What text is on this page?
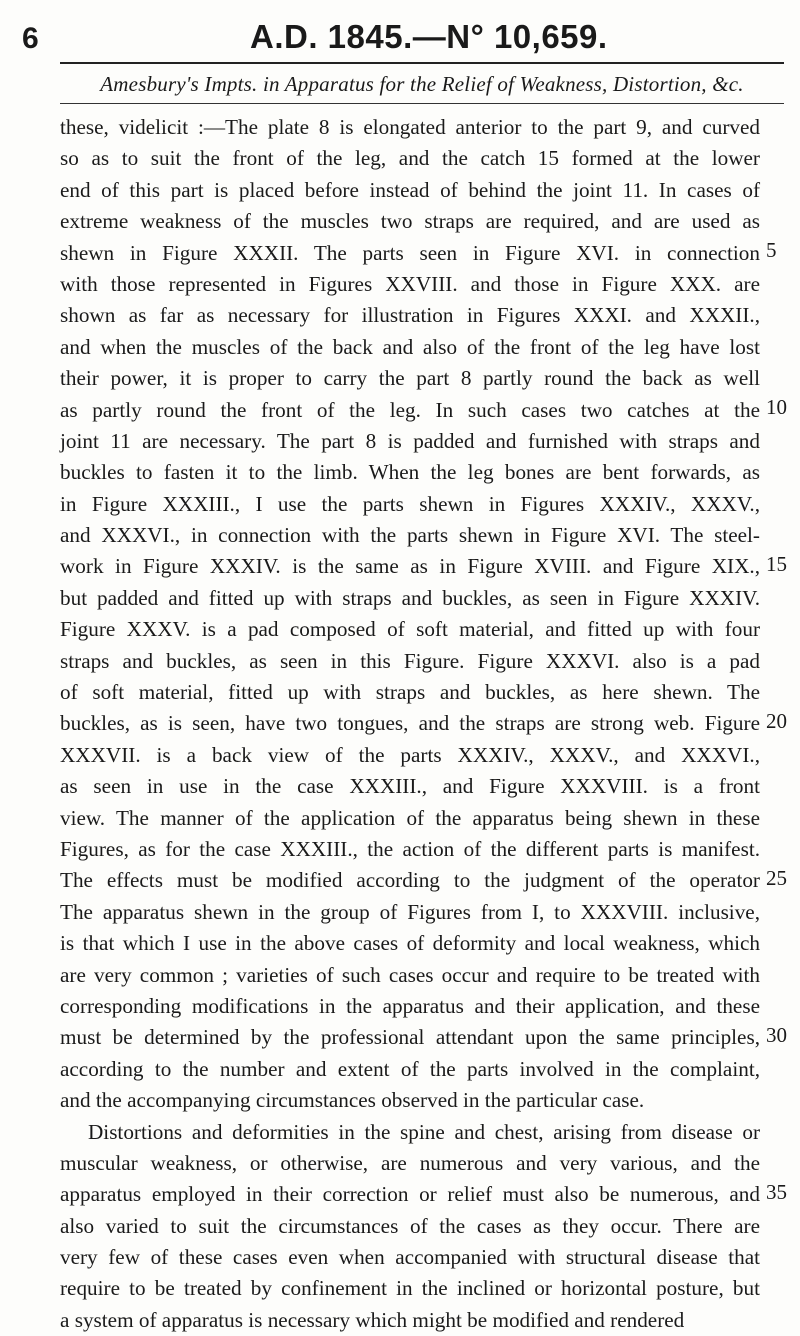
6	A.D. 1845.—N° 10,659.
Amesbury's Impts. in Apparatus for the Relief of Weakness, Distortion, &c.
these, videlicit :—The plate 8 is elongated anterior to the part 9, and curved
so as to suit the front of the leg, and the catch 15 formed at the lower
end of this part is placed before instead of behind the joint 11. In cases of
extreme weakness of the muscles two straps are required, and are used as
shewn in Figure XXXII. The parts seen in Figure XVI. in connection 5
with those represented in Figures XXVIII. and those in Figure XXX. are
shown as far as necessary for illustration in Figures XXXI. and XXXII.,
and when the muscles of the back and also of the front of the leg have lost
their power, it is proper to carry the part 8 partly round the back as well
as partly round the front of the leg. In such cases two catches at the 10
joint 11 are necessary. The part 8 is padded and furnished with straps and
buckles to fasten it to the limb. When the leg bones are bent forwards, as
in Figure XXXIII., I use the parts shewn in Figures XXXIV., XXXV.,
and XXXVI., in connection with the parts shewn in Figure XVI. The steel-
work in Figure XXXIV. is the same as in Figure XVIII. and Figure XIX., 15
but padded and fitted up with straps and buckles, as seen in Figure XXXIV.
Figure XXXV. is a pad composed of soft material, and fitted up with four
straps and buckles, as seen in this Figure. Figure XXXVI. also is a pad
of soft material, fitted up with straps and buckles, as here shewn. The
buckles, as is seen, have two tongues, and the straps are strong web. Figure 20
XXXVII. is a back view of the parts XXXIV., XXXV., and XXXVI.,
as seen in use in the case XXXIII., and Figure XXXVIII. is a front
view. The manner of the application of the apparatus being shewn in these
Figures, as for the case XXXIII., the action of the different parts is manifest.
The effects must be modified according to the judgment of the operator 25
The apparatus shewn in the group of Figures from I, to XXXVIII. inclusive,
is that which I use in the above cases of deformity and local weakness, which
are very common ; varieties of such cases occur and require to be treated with
corresponding modifications in the apparatus and their application, and these
must be determined by the professional attendant upon the same principles, 30
according to the number and extent of the parts involved in the complaint,
and the accompanying circumstances observed in the particular case.
Distortions and deformities in the spine and chest, arising from disease or
muscular weakness, or otherwise, are numerous and very various, and the
apparatus employed in their correction or relief must also be numerous, and 35
also varied to suit the circumstances of the cases as they occur. There are
very few of these cases even when accompanied with structural disease that
require to be treated by confinement in the inclined or horizontal posture, but
a system of apparatus is necessary which might be modified and rendered
